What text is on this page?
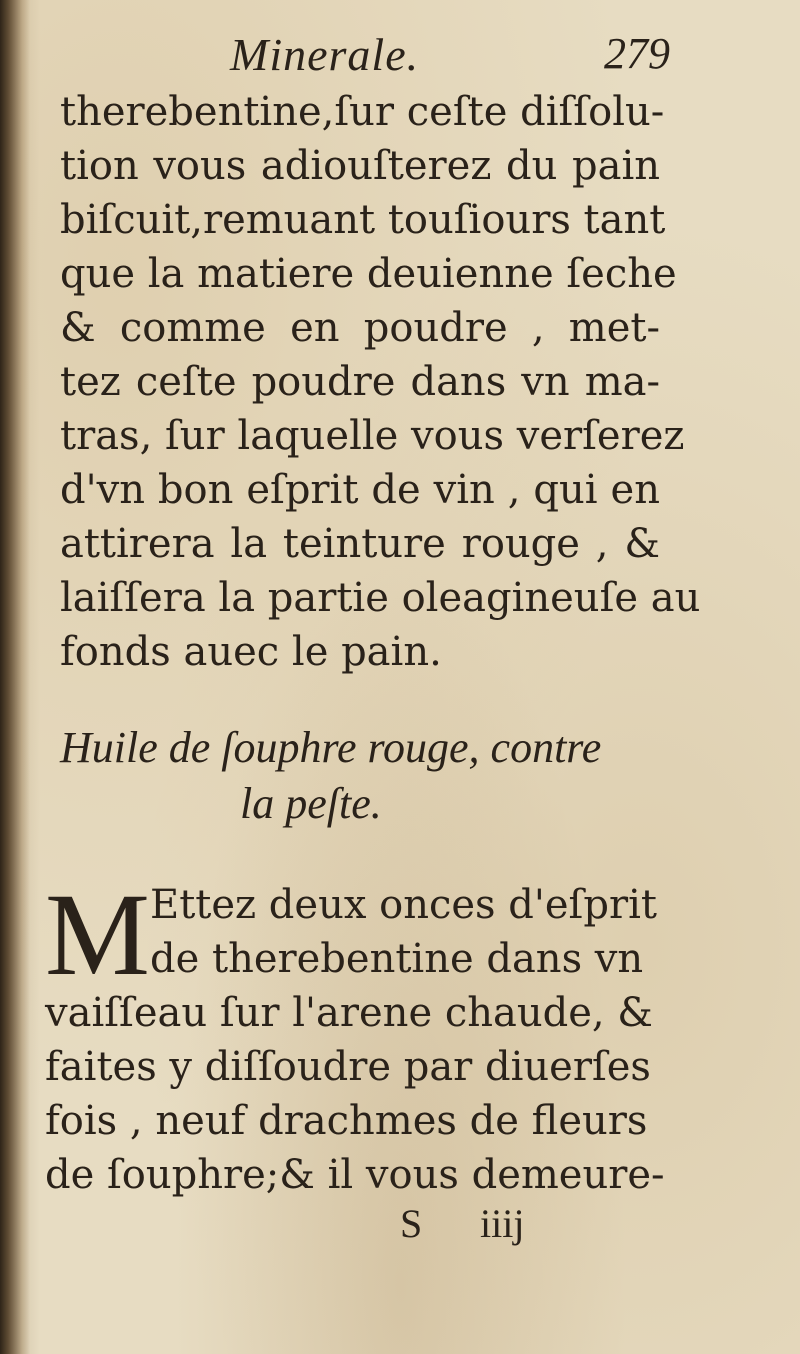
Minerale.	279
therebentine,ſur ceſte diſſolu-
tion vous adiouſterez du pain
biſcuit,remuant touſiours tant
que la matiere deuienne ſeche
& comme en poudre , met-
tez ceſte poudre dans vn ma-
tras, ſur laquelle vous verſerez
d'vn bon eſprit de vin , qui en
attirera la teinture rouge , &
laiſſera la partie oleagineuſe au
fonds auec le pain.
Huile de ſouphre rouge, contre
la peſte.
M Ettez deux onces d'eſprit
de therebentine dans vn
vaiſſeau ſur l'arene chaude, &
faites y diſſoudre par diuerſes
fois , neuf drachmes de fleurs
de ſouphre;& il vous demeure-
S iiij
